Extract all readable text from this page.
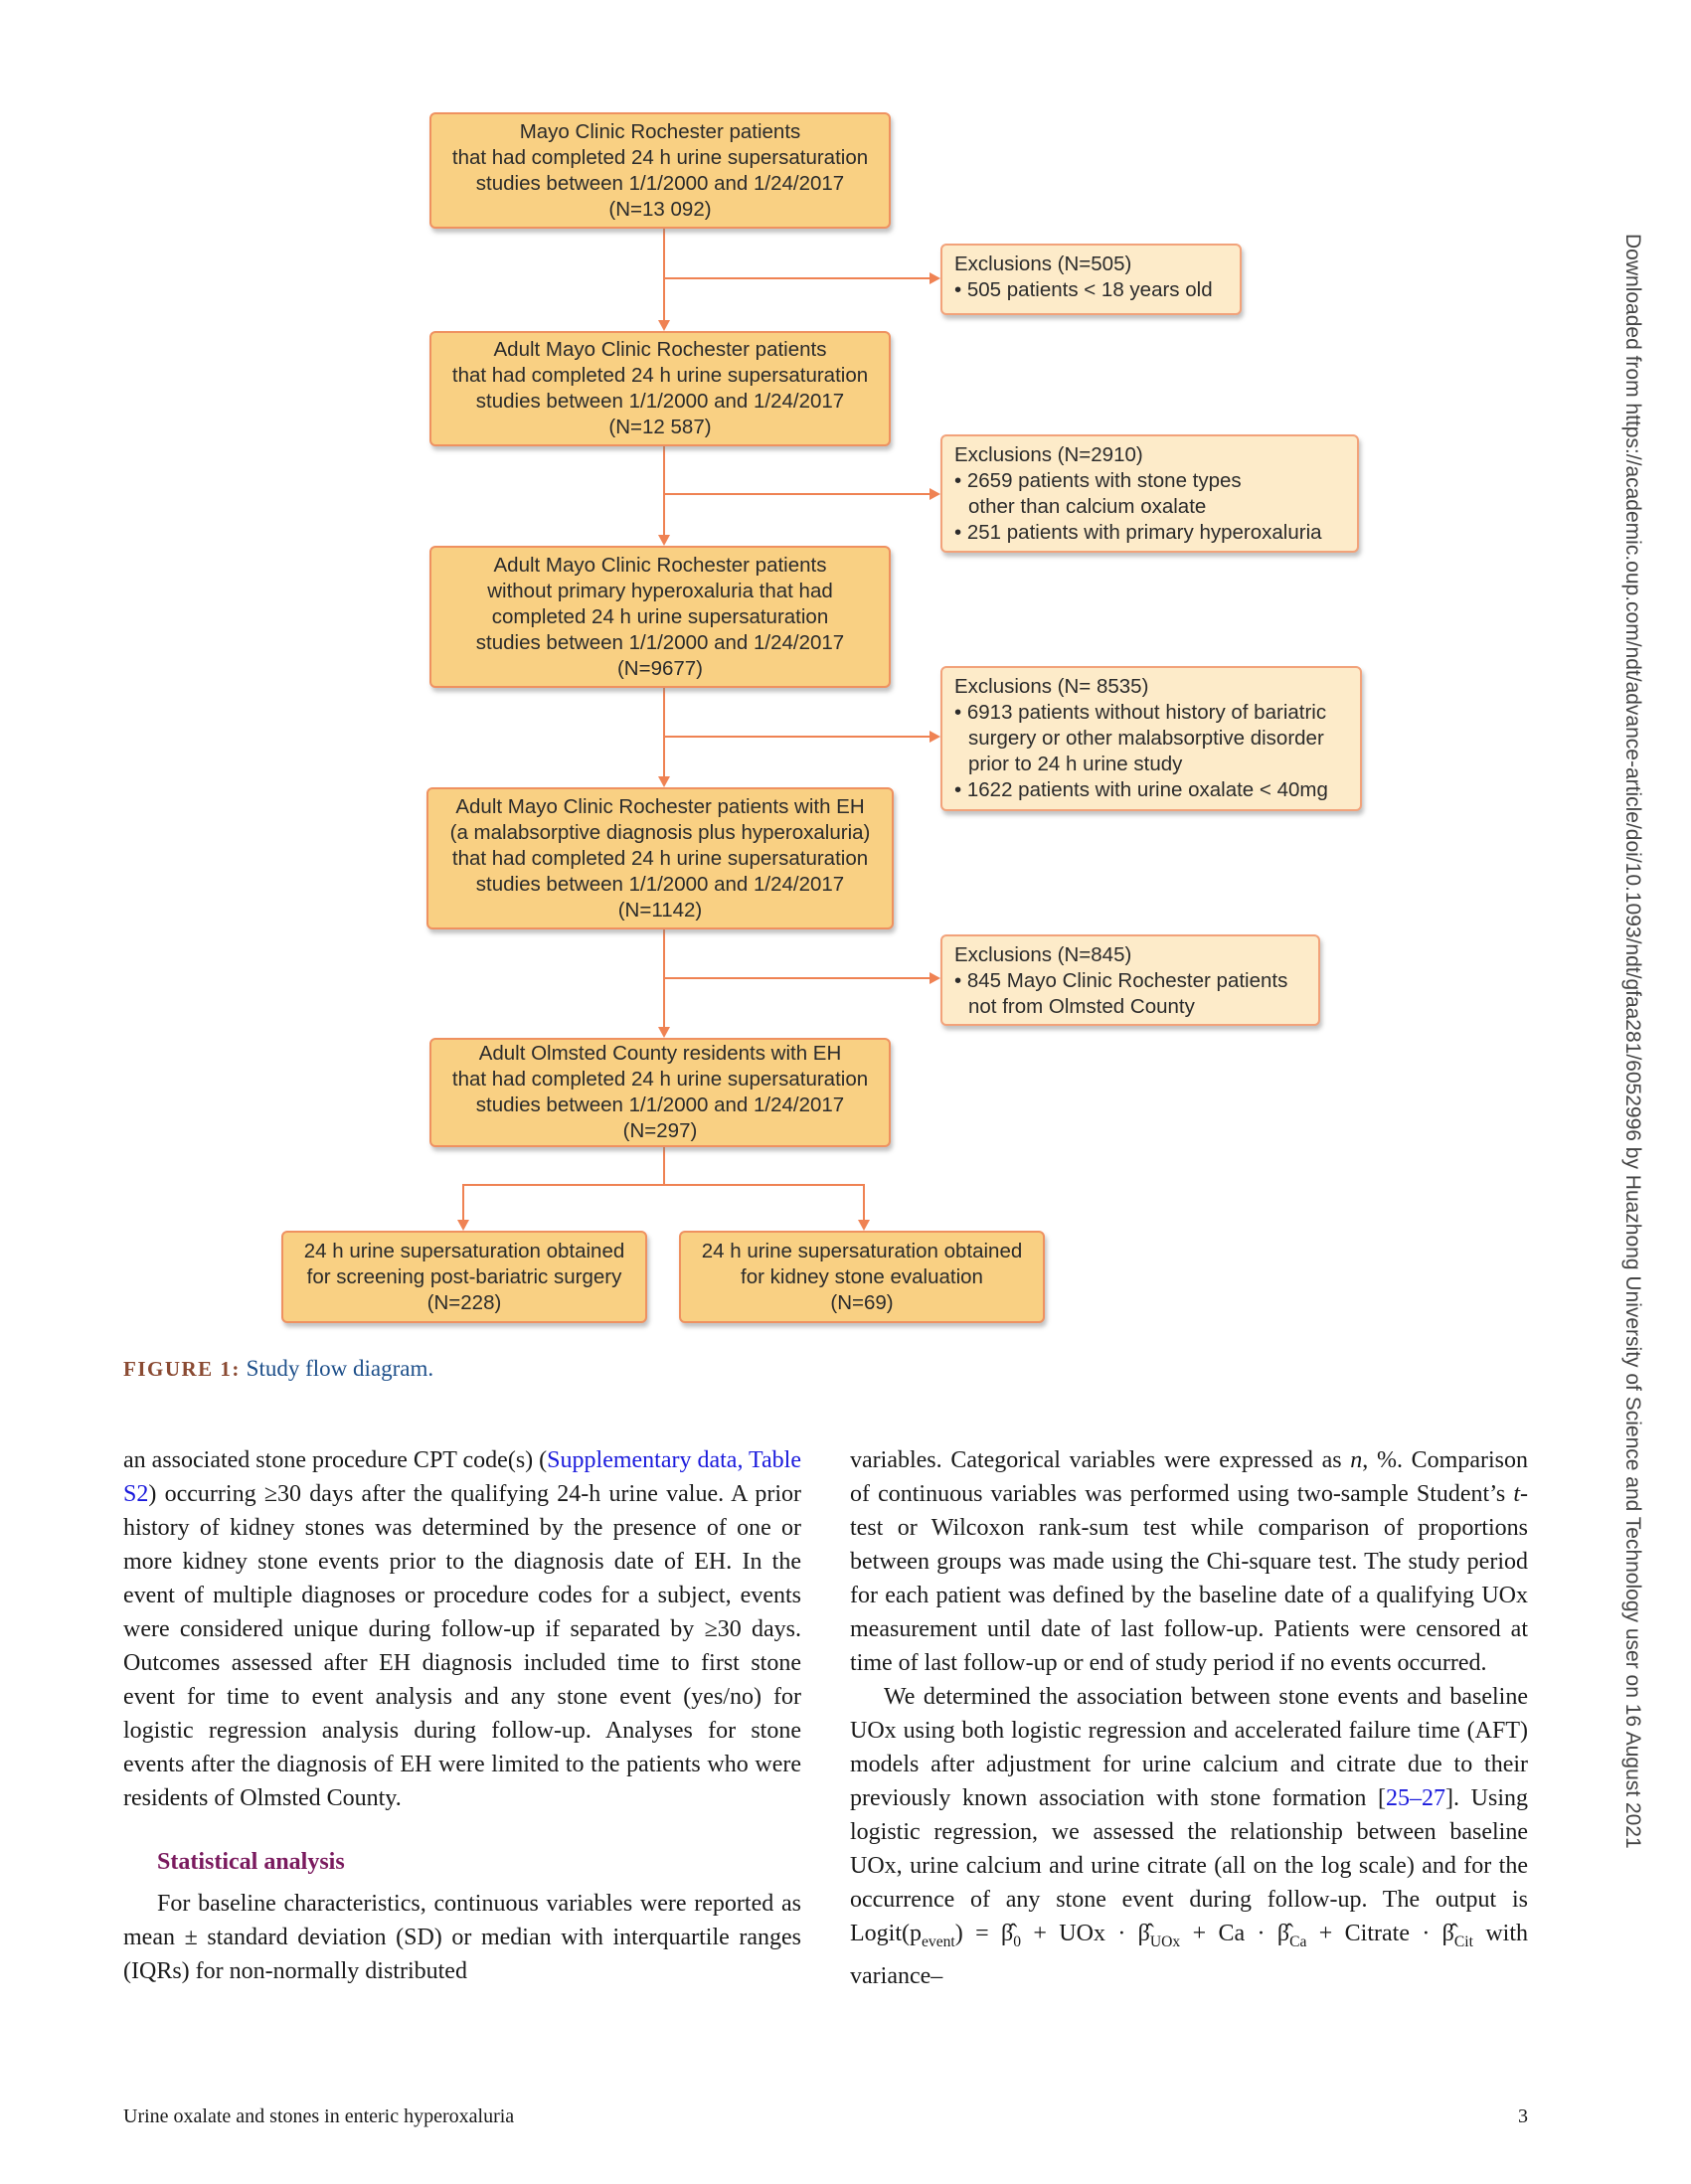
Mayo Clinic Rochester patients
that had completed 24 h urine supersaturation
studies between 1/1/2000 and 1/24/2017
(N=13 092)
Adult Mayo Clinic Rochester patients
that had completed 24 h urine supersaturation
studies between 1/1/2000 and 1/24/2017
(N=12 587)
Adult Mayo Clinic Rochester patients
without primary hyperoxaluria that had
completed 24 h urine supersaturation
studies between 1/1/2000 and 1/24/2017
(N=9677)
Adult Mayo Clinic Rochester patients with EH
(a malabsorptive diagnosis plus hyperoxaluria)
that had completed 24 h urine supersaturation
studies between 1/1/2000 and 1/24/2017
(N=1142)
Adult Olmsted County residents with EH
that had completed 24 h urine supersaturation
studies between 1/1/2000 and 1/24/2017
(N=297)
Exclusions (N=505)
• 505 patients < 18 years old
Exclusions (N=2910)
• 2659 patients with stone types other than calcium oxalate
• 251 patients with primary hyperoxaluria
Exclusions (N= 8535)
• 6913 patients without history of bariatric surgery or other malabsorptive disorder prior to 24 h urine study
• 1622 patients with urine oxalate < 40mg
Exclusions (N=845)
• 845 Mayo Clinic Rochester patients not from Olmsted County
24 h urine supersaturation obtained
for screening post-bariatric surgery
(N=228)
24 h urine supersaturation obtained
for kidney stone evaluation
(N=69)
FIGURE 1: Study flow diagram.

an associated stone procedure CPT code(s) (Supplementary data, Table S2) occurring ≥30 days after the qualifying 24-h urine value. A prior history of kidney stones was determined by the presence of one or more kidney stone events prior to the diagnosis date of EH. In the event of multiple diagnoses or procedure codes for a subject, events were considered unique during follow-up if separated by ≥30 days. Outcomes assessed after EH diagnosis included time to first stone event for time to event analysis and any stone event (yes/no) for logistic regression analysis during follow-up. Analyses for stone events after the diagnosis of EH were limited to the patients who were residents of Olmsted County.

Statistical analysis

For baseline characteristics, continuous variables were reported as mean ± standard deviation (SD) or median with interquartile ranges (IQRs) for non-normally distributed

variables. Categorical variables were expressed as n, %. Comparison of continuous variables was performed using two-sample Student’s t-test or Wilcoxon rank-sum test while comparison of proportions between groups was made using the Chi-square test. The study period for each patient was defined by the baseline date of a qualifying UOx measurement until date of last follow-up. Patients were censored at time of last follow-up or end of study period if no events occurred.

We determined the association between stone events and baseline UOx using both logistic regression and accelerated failure time (AFT) models after adjustment for urine calcium and citrate due to their previously known association with stone formation [25–27]. Using logistic regression, we assessed the relationship between baseline UOx, urine calcium and urine citrate (all on the log scale) and for the occurrence of any stone event during follow-up. The output is $Logit(p_{event})$ = $\betâ_0$ + UOx · $\betâ_{UOx} + Ca$ · $\betâ_{Ca}$ + Citrate · $\betâ_{Cit}$ with variance–

Urine oxalate and stones in enteric hyperoxaluria	3
Downloaded from https://academic.oup.com/ndt/advance-article/doi/10.1093/ndt/gfaa281/6052996 by Huazhong University of Science and Technology user on 16 August 2021
